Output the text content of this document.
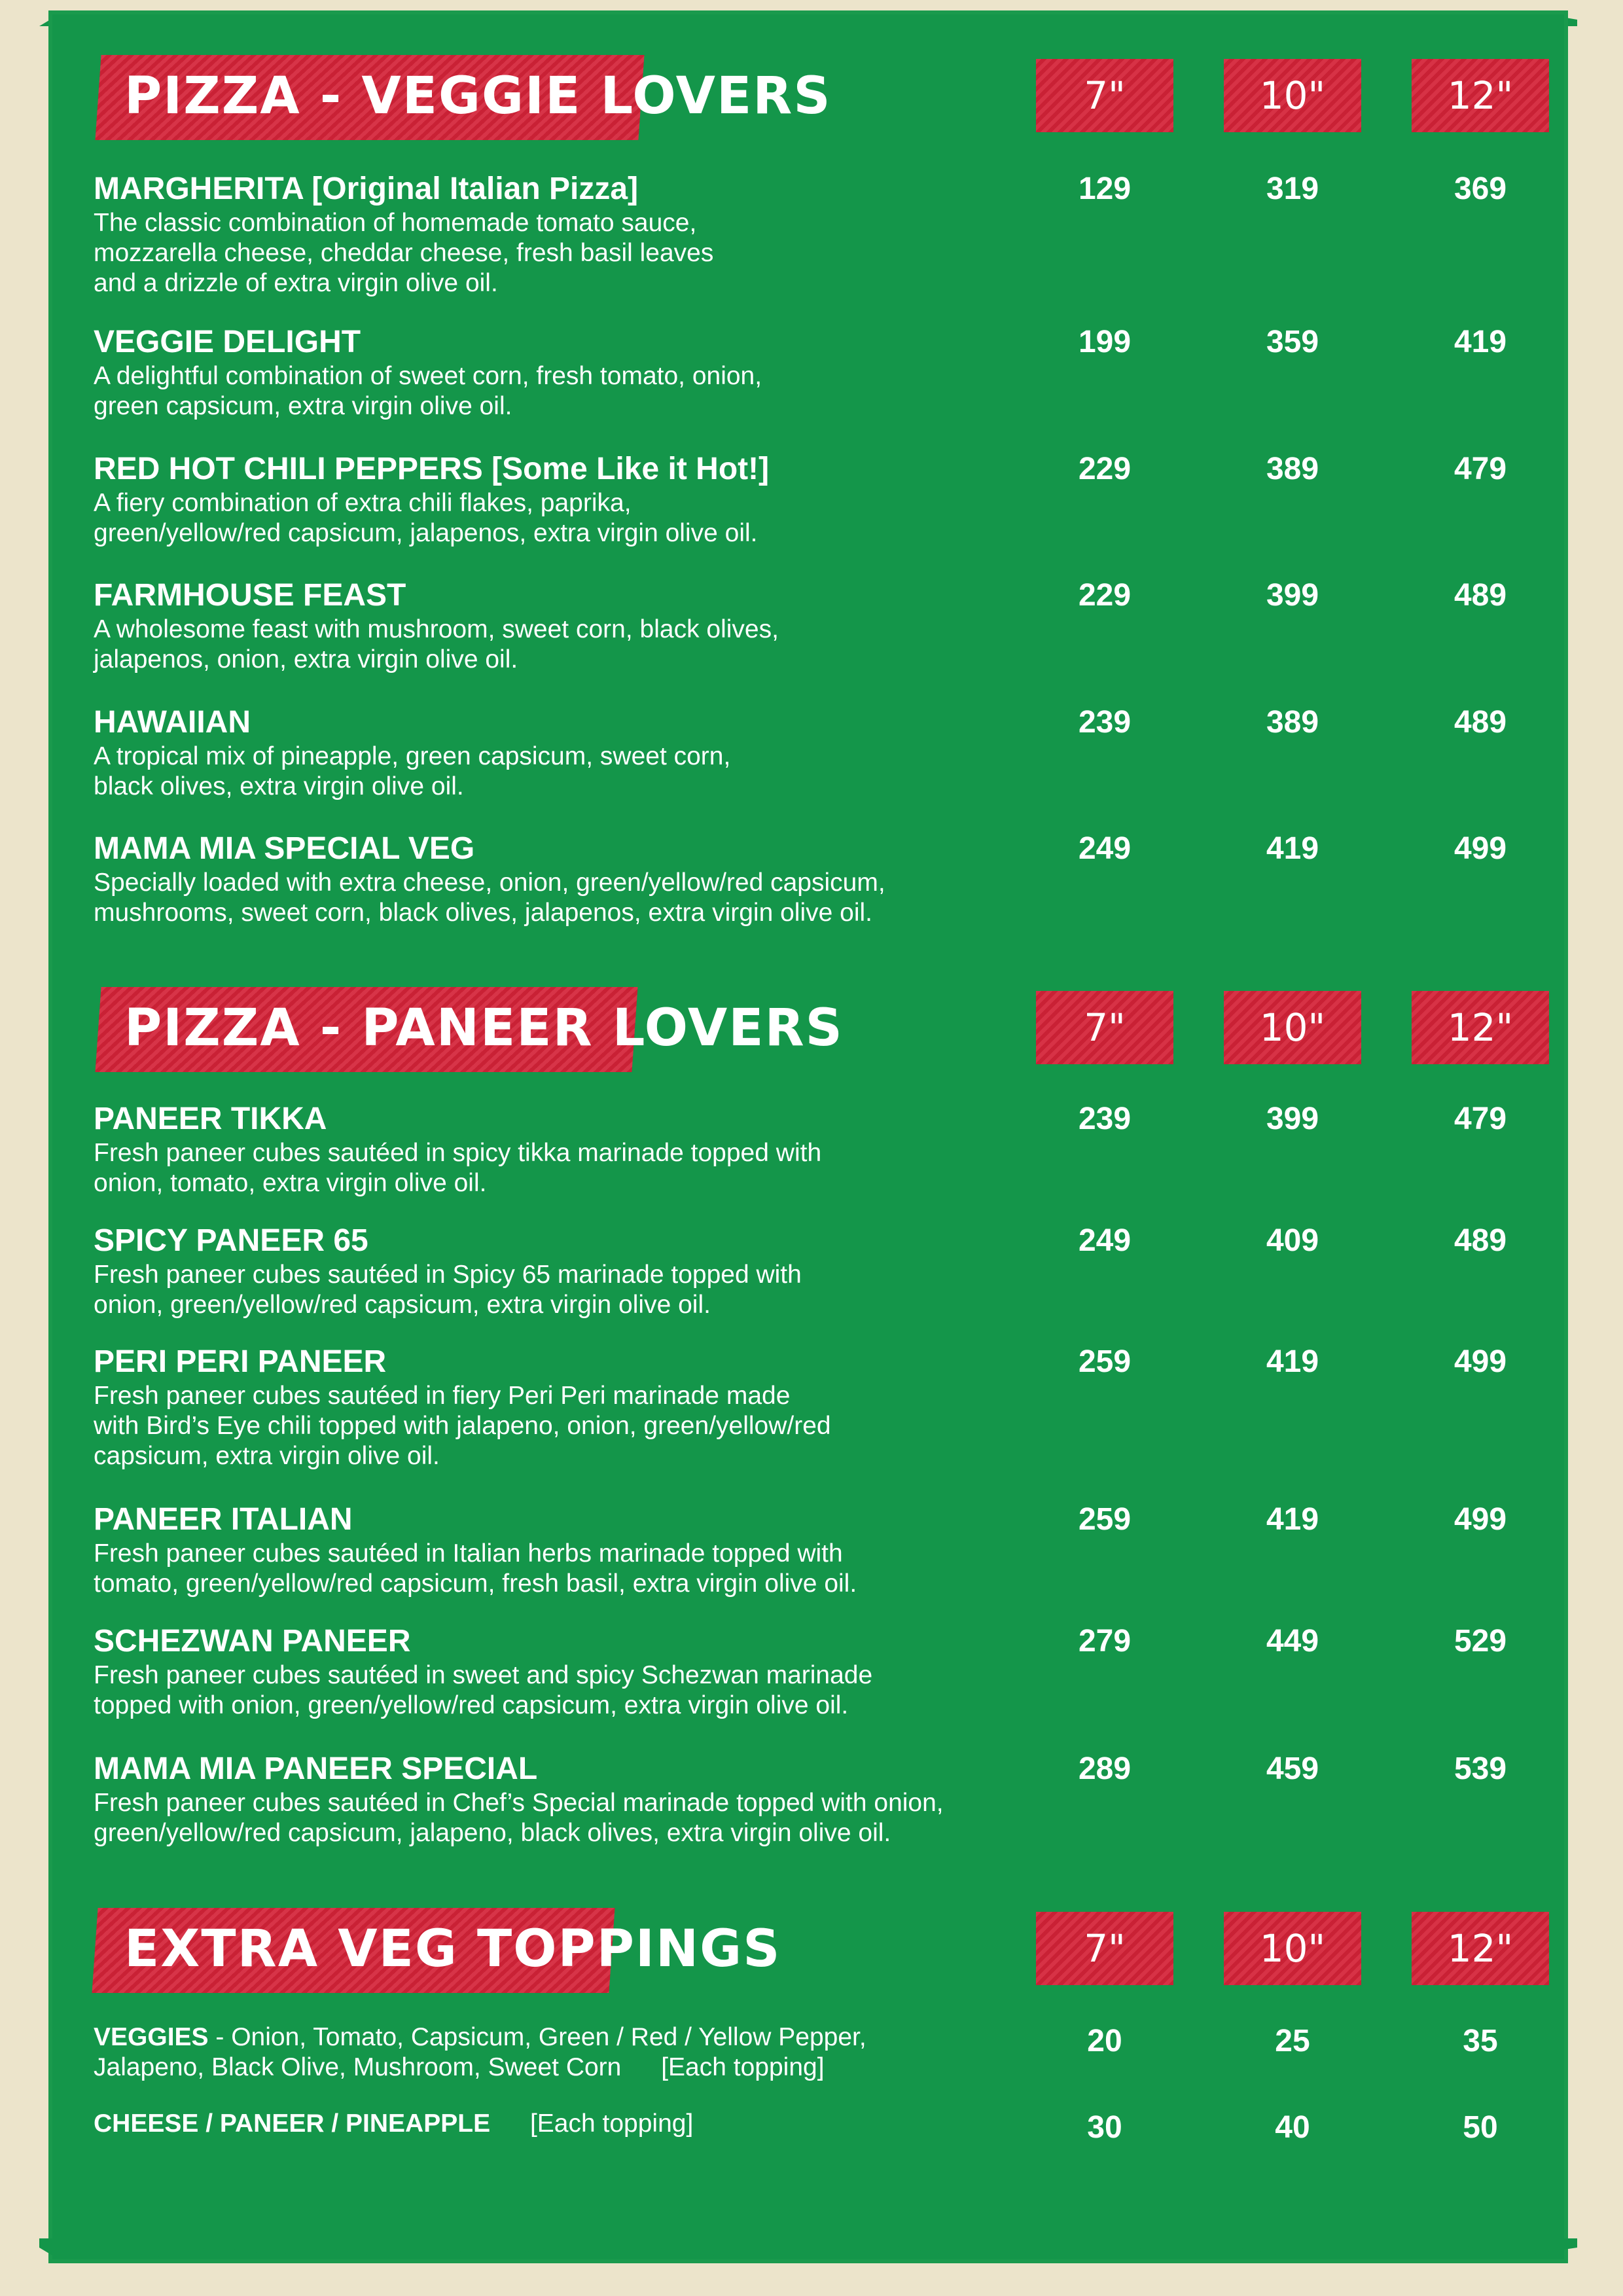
PIZZA - VEGGIE LOVERS	7"	10"	12"
MARGHERITA [Original Italian Pizza]
The classic combination of homemade tomato sauce,
mozzarella cheese, cheddar cheese, fresh basil leaves
and a drizzle of extra virgin olive oil.
129	319	369
VEGGIE DELIGHT
A delightful combination of sweet corn, fresh tomato, onion,
green capsicum, extra virgin olive oil.
199	359	419
RED HOT CHILI PEPPERS [Some Like it Hot!]
A fiery combination of extra chili flakes, paprika,
green/yellow/red capsicum, jalapenos, extra virgin olive oil.
229	389	479
FARMHOUSE FEAST
A wholesome feast with mushroom, sweet corn, black olives,
jalapenos, onion, extra virgin olive oil.
229	399	489
HAWAIIAN
A tropical mix of pineapple, green capsicum, sweet corn,
black olives, extra virgin olive oil.
239	389	489
MAMA MIA SPECIAL VEG
Specially loaded with extra cheese, onion, green/yellow/red capsicum,
mushrooms, sweet corn, black olives, jalapenos, extra virgin olive oil.
249	419	499
PIZZA - PANEER LOVERS	7"	10"	12"
PANEER TIKKA
Fresh paneer cubes sautéed in spicy tikka marinade topped with
onion, tomato, extra virgin olive oil.
239	399	479
SPICY PANEER 65
Fresh paneer cubes sautéed in Spicy 65 marinade topped with
onion, green/yellow/red capsicum, extra virgin olive oil.
249	409	489
PERI PERI PANEER
Fresh paneer cubes sautéed in fiery Peri Peri marinade made
with Bird’s Eye chili topped with jalapeno, onion, green/yellow/red
capsicum, extra virgin olive oil.
259	419	499
PANEER ITALIAN
Fresh paneer cubes sautéed in Italian herbs marinade topped with
tomato, green/yellow/red capsicum, fresh basil, extra virgin olive oil.
259	419	499
SCHEZWAN PANEER
Fresh paneer cubes sautéed in sweet and spicy Schezwan marinade
topped with onion, green/yellow/red capsicum, extra virgin olive oil.
279	449	529
MAMA MIA PANEER SPECIAL
Fresh paneer cubes sautéed in Chef’s Special marinade topped with onion,
green/yellow/red capsicum, jalapeno, black olives, extra virgin olive oil.
289	459	539
EXTRA VEG TOPPINGS	7"	10"	12"
VEGGIES - Onion, Tomato, Capsicum, Green / Red / Yellow Pepper,
Jalapeno, Black Olive, Mushroom, Sweet Corn [Each topping]
20	25	35
CHEESE / PANEER / PINEAPPLE [Each topping]	30	40	50
